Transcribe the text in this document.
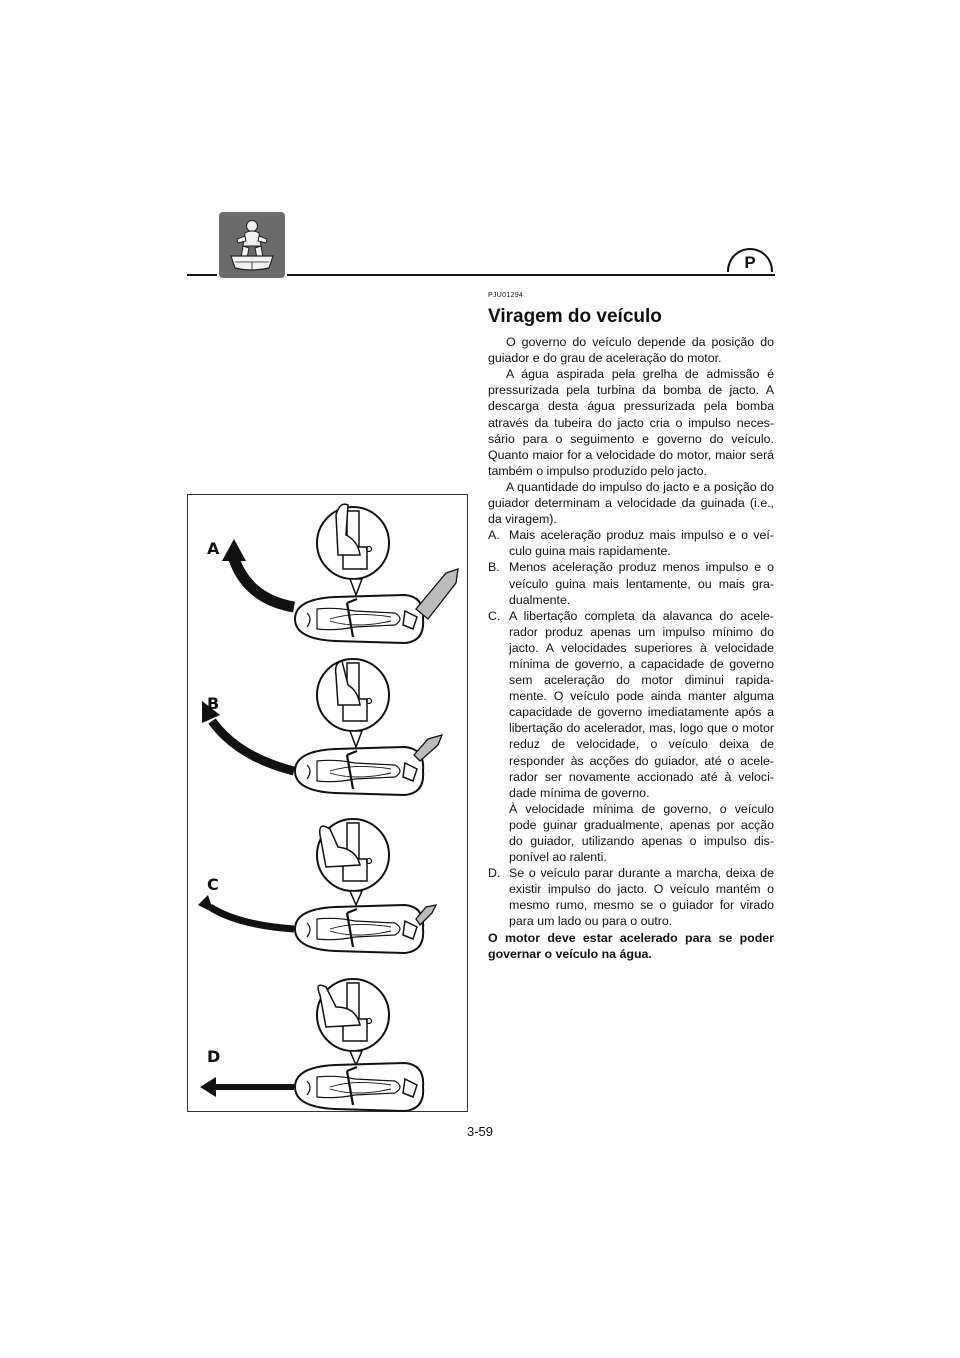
P
A
B
C
D
PJU01294
Viragem do veículo

O governo do veículo depende da posição do guiador e do grau de aceleração do motor.

A água aspirada pela grelha de admissão é pressurizada pela turbina da bomba de jacto. A descarga desta água pressurizada pela bomba através da tubeira do jacto cria o impulso neces- sário para o seguimento e governo do veículo. Quanto maior for a velocidade do motor, maior será também o impulso produzido pelo jacto.

A quantidade do impulso do jacto e a posição do guiador determinam a velocidade da guinada (i.e., da viragem).

A. Mais aceleração produz mais impulso e o veí- culo guina mais rapidamente.
B. Menos aceleração produz menos impulso e o veículo guina mais lentamente, ou mais gra- dualmente.
C. A libertação completa da alavanca do acele- rador produz apenas um impulso mínimo do jacto. A velocidades superiores à velocidade mínima de governo, a capacidade de governo sem aceleração do motor diminui rapida- mente. O veículo pode ainda manter alguma capacidade de governo imediatamente após a libertação do acelerador, mas, logo que o motor reduz de velocidade, o veículo deixa de responder às acções do guiador, até o acele- rador ser novamente accionado até à veloci- dade mínima de governo.

À velocidade mínima de governo, o veículo pode guinar gradualmente, apenas por acção do guiador, utilizando apenas o impulso dis- ponível ao ralenti.

D. Se o veículo parar durante a marcha, deixa de existir impulso do jacto. O veículo mantém o mesmo rumo, mesmo se o guiador for virado para um lado ou para o outro.

O motor deve estar acelerado para se poder governar o veículo na água.

3-59
